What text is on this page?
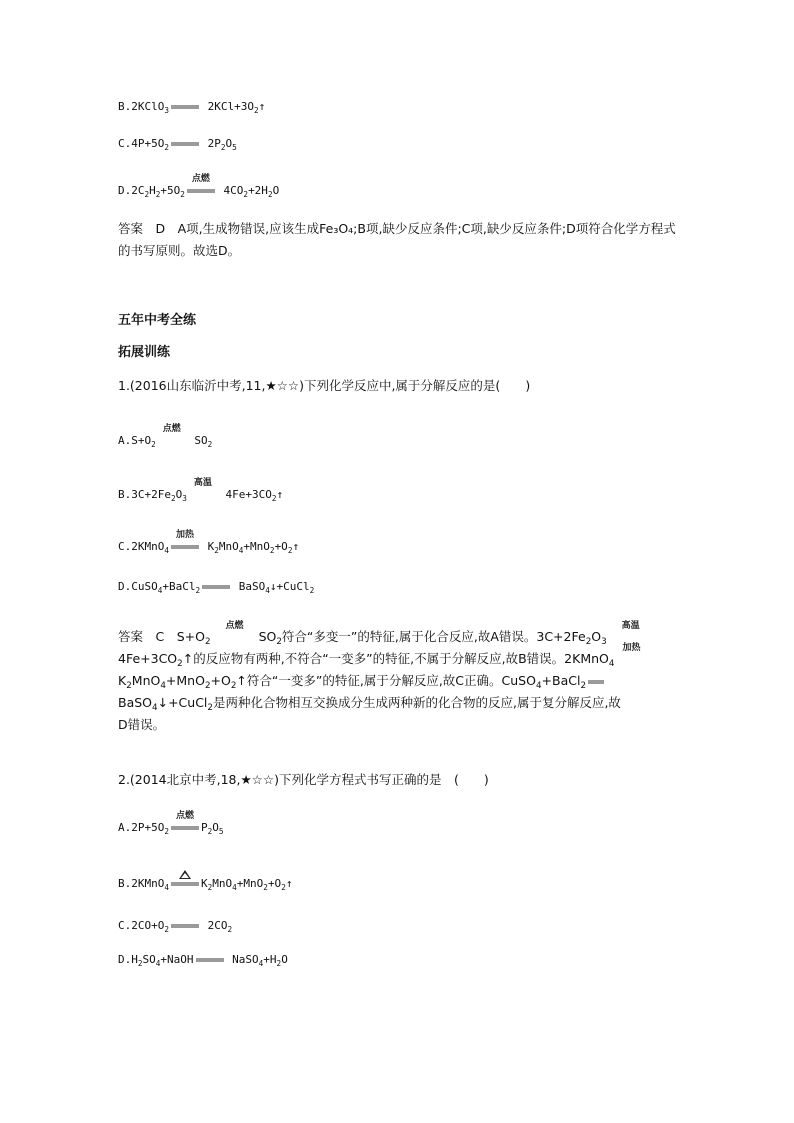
B.2KClO$_3$	$2KCl+3O_2↑$
$C.4P+5O_2$	$2P_2O_5$
$D.2C_2H_2+5O_2$
点燃
$4CO_2+2H_2O$
答案　D　A项,生成物错误,应该生成Fe₃O₄;B项,缺少反应条件;C项,缺少反应条件;D项符合化学方程式的书写原则。故选D。
五年中考全练
拓展训练
1.(2016山东临沂中考,11,★☆☆)下列化学反应中,属于分解反应的是(　　)
$A.S+O_2$
点燃
$SO_2$
$B.3C+2Fe_2O_3$
高温
$4Fe+3CO_2↑$
C.2KMnO$_4$
加热
$K_2MnO_4+MnO_2+O_2↑$
D.CuSO$_4$+BaCl$_2$	BaSO$_4$↓+CuCl$_2$
答案　C　$S+O_2$
点燃
$SO_2$符合“多变一”的特征,属于化合反应,故A错误。$3C+2Fe_2O_3$
高温

$4Fe+3CO_2↑$的反应物有两种,不符合“一变多”的特征,不属于分解反应,故B错误。2KMnO$_4$
加热

$K_2MnO_4+MnO_2+O_2↑$符合“一变多”的特征,属于分解反应,故C正确。CuSO$_4$+BaCl$_2$
BaSO$_4$↓+CuCl$_2$是两种化合物相互交换成分生成两种新的化合物的反应,属于复分解反应,故
D错误。
2.(2014北京中考,18,★☆☆)下列化学方程式书写正确的是　(　　)
$A.2P+5O_2$
点燃
$P_2O_5$
B.2KMnO$_4$	$K_2MnO_4+MnO_2+O_2↑$
$C.2CO+O_2$	$2CO_2$
$D.H_2SO_4+NaOH$	$NaSO_4+H_2O$
